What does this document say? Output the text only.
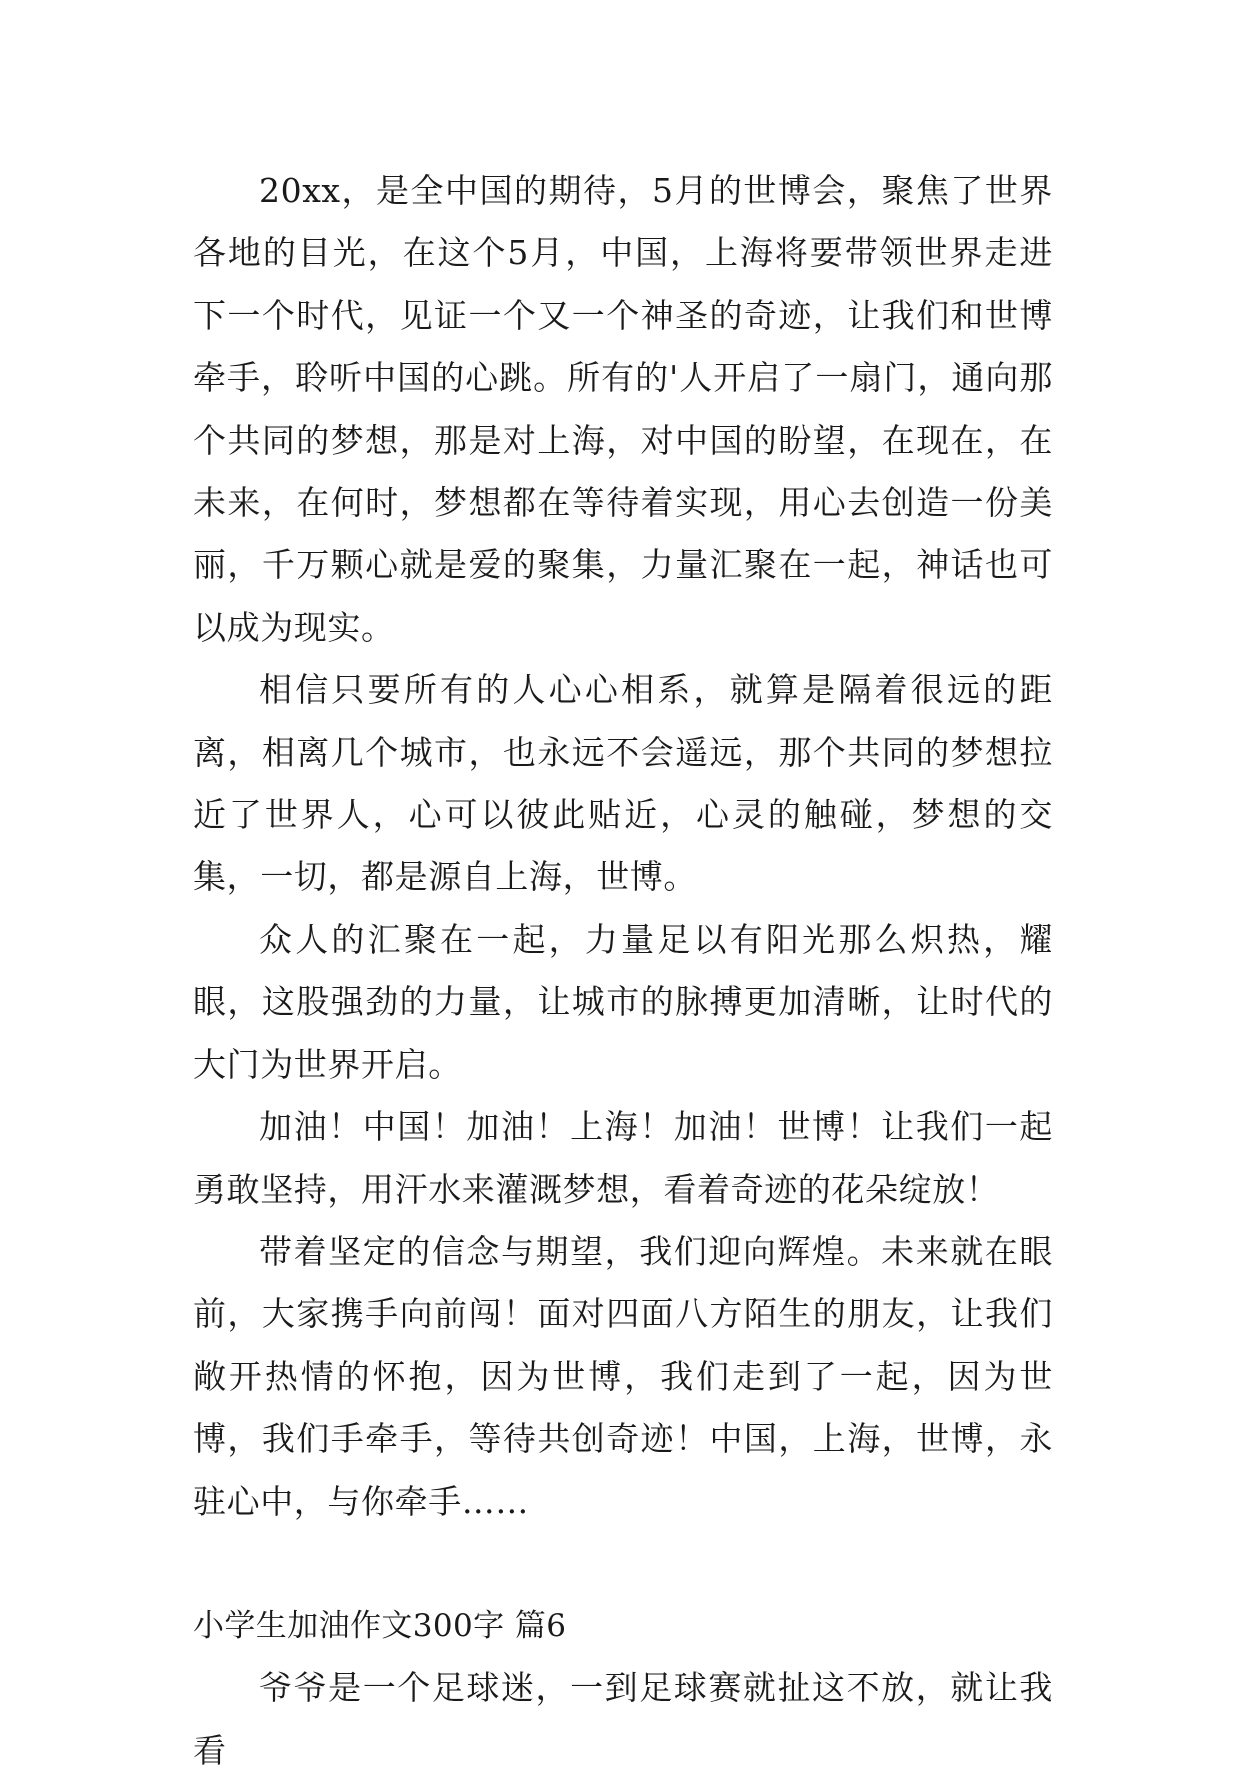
20xx，是全中国的期待，5月的世博会，聚焦了世界各地的目光，在这个5月，中国，上海将要带领世界走进下一个时代，见证一个又一个神圣的奇迹，让我们和世博牵手，聆听中国的心跳。所有的'人开启了一扇门，通向那个共同的梦想，那是对上海，对中国的盼望，在现在，在未来，在何时，梦想都在等待着实现，用心去创造一份美丽，千万颗心就是爱的聚集，力量汇聚在一起，神话也可以成为现实。

相信只要所有的人心心相系，就算是隔着很远的距离，相离几个城市，也永远不会遥远，那个共同的梦想拉近了世界人，心可以彼此贴近，心灵的触碰，梦想的交集，一切，都是源自上海，世博。

众人的汇聚在一起，力量足以有阳光那么炽热，耀眼，这股强劲的力量，让城市的脉搏更加清晰，让时代的大门为世界开启。

加油！中国！加油！上海！加油！世博！让我们一起勇敢坚持，用汗水来灌溉梦想，看着奇迹的花朵绽放！

带着坚定的信念与期望，我们迎向辉煌。未来就在眼前，大家携手向前闯！面对四面八方陌生的朋友，让我们敞开热情的怀抱，因为世博，我们走到了一起，因为世博，我们手牵手，等待共创奇迹！中国，上海，世博，永驻心中，与你牵手……

小学生加油作文300字 篇6

爷爷是一个足球迷，一到足球赛就扯这不放，就让我看
